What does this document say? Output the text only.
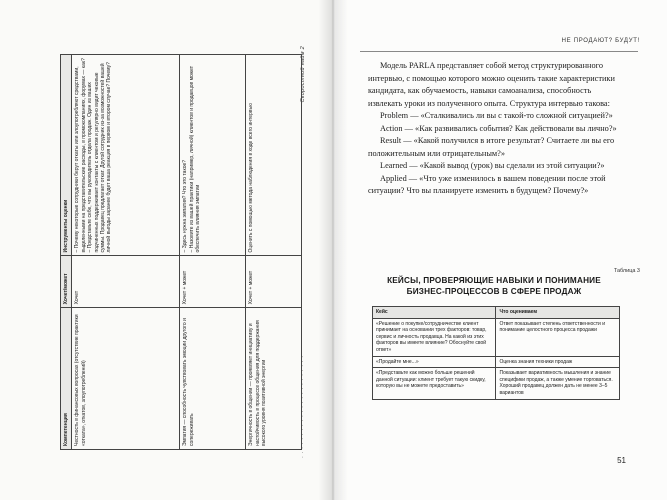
· · · · · · · · · · · · · · · · · · · · · · ·
Скоростной найм 2
Компетенция	Хочет/может	Инструменты оценки
Честность в финансовых вопросах (отсутствие практики «отката», откатов, злоупотреблений)	Хочет	– Почему некоторые сотрудники берут откаты или злоупотребляют средствами, выделенными на представительские расходы, в промокомпаниях, форумах — как?
– Представьте себе, что вы руководитель отдела продаж. Один из ваших подчиненных поддерживает контакты с клиентом и регулярно видит чековые суммы. Продавец предлагает откат. Другой сотрудник из-за возможностей вашей личной выгоды заранее будет ваша реакция в первом и втором случае? Почему?
Эмпатия — способность чувствовать эмоции другого и сопереживать	Хочет + может	– Здесь нужна эмпатия? Что это такое?
– Назовите из вашей практики (например, личной) клиентов и продавцов может обеспечить влияния эмпатии
Энергичность в общении — проявляет инициативу и настойчивость в процессе общения для поддержания высокого уровня позитивной энергии	Хочет + может	Оценить с помощью метода наблюдения в ходе всего интервью
НЕ ПРОДАЮТ? БУДУТ!

Модель PARLA представляет собой метод структурированного интервью, с помощью которого можно оценить такие характеристики кандидата, как обучаемость, навыки самоанализа, способность извлекать уроки из полученного опыта. Структура интервью такова:

Problem — «Сталкивались ли вы с такой-то сложной ситуацией?»

Action — «Как развивались события? Как действовали вы лично?»

Result — «Какой получился в итоге результат? Считаете ли вы его положительным или отрицательным?»

Learned — «Какой вывод (урок) вы сделали из этой ситуации?»

Applied — «Что уже изменилось в вашем поведении после этой ситуации? Что вы планируете изменить в будущем? Почему?»

Таблица 3
КЕЙСЫ, ПРОВЕРЯЮЩИЕ НАВЫКИ И ПОНИМАНИЕ
БИЗНЕС-ПРОЦЕССОВ В СФЕРЕ ПРОДАЖ
Кейс	Что оцениваем
«Решение о покупке/сотрудничестве клиент принимает на основании трех факторов: товар, сервис и личность продавца. На какой из этих факторов вы имеете влияние? Обоснуйте свой ответ»	Ответ показывает степень ответственности и понимание целостного процесса продажи
«Продайте мне...»	Оценка знания техники продаж
«Представьте как можно больше решений данной ситуации: клиент требует такую скидку, которую вы не можете предоставить»	Показывает вариативность мышления и знание специфики продаж, а также умение торговаться. Хороший продавец должен дать не менее 3–5 вариантов
51
